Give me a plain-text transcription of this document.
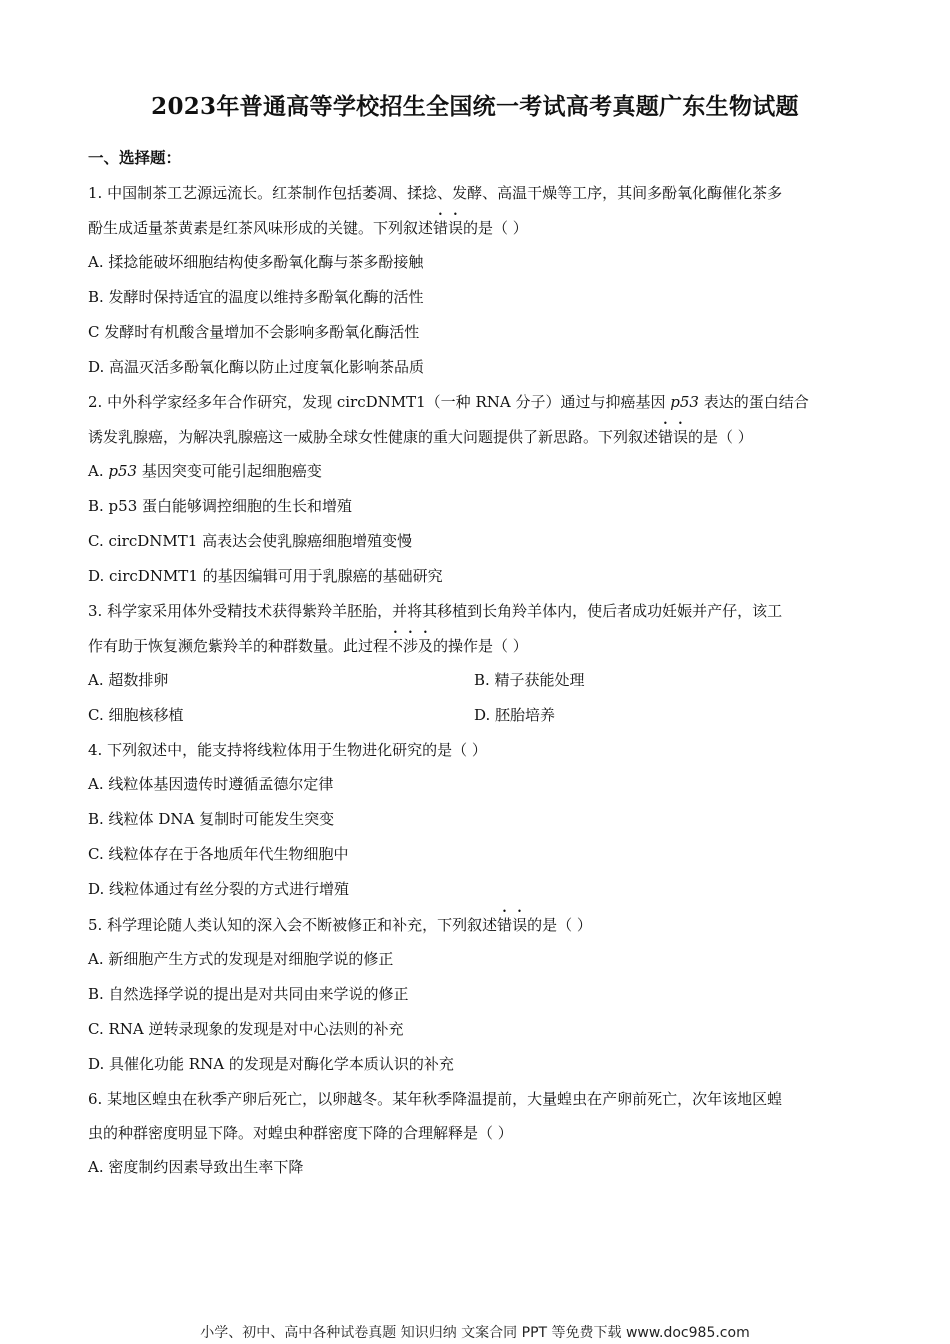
2023年普通高等学校招生全国统一考试高考真题广东生物试题
一、选择题：
1. 中国制茶工艺源远流长。红茶制作包括萎凋、揉捻、发酵、高温干燥等工序，其间多酚氧化酶催化茶多
酚生成适量茶黄素是红茶风味形成的关键。下列叙述错误的是（ ）
A. 揉捻能破坏细胞结构使多酚氧化酶与茶多酚接触
B. 发酵时保持适宜的温度以维持多酚氧化酶的活性
C 发酵时有机酸含量增加不会影响多酚氧化酶活性
D. 高温灭活多酚氧化酶以防止过度氧化影响茶品质
2. 中外科学家经多年合作研究，发现 circDNMT1（一种 RNA 分子）通过与抑癌基因 p53 表达的蛋白结合
诱发乳腺癌，为解决乳腺癌这一威胁全球女性健康的重大问题提供了新思路。下列叙述错误的是（ ）
A. p53 基因突变可能引起细胞癌变
B. p53 蛋白能够调控细胞的生长和增殖
C. circDNMT1 高表达会使乳腺癌细胞增殖变慢
D. circDNMT1 的基因编辑可用于乳腺癌的基础研究
3. 科学家采用体外受精技术获得紫羚羊胚胎，并将其移植到长角羚羊体内，使后者成功妊娠并产仔，该工
作有助于恢复濒危紫羚羊的种群数量。此过程不涉及的操作是（ ）
A. 超数排卵	B. 精子获能处理
C. 细胞核移植	D. 胚胎培养
4. 下列叙述中，能支持将线粒体用于生物进化研究的是（ ）
A. 线粒体基因遗传时遵循孟德尔定律
B. 线粒体 DNA 复制时可能发生突变
C. 线粒体存在于各地质年代生物细胞中
D. 线粒体通过有丝分裂的方式进行增殖
5. 科学理论随人类认知的深入会不断被修正和补充，下列叙述错误的是（ ）
A. 新细胞产生方式的发现是对细胞学说的修正
B. 自然选择学说的提出是对共同由来学说的修正
C. RNA 逆转录现象的发现是对中心法则的补充
D. 具催化功能 RNA 的发现是对酶化学本质认识的补充
6. 某地区蝗虫在秋季产卵后死亡，以卵越冬。某年秋季降温提前，大量蝗虫在产卵前死亡，次年该地区蝗
虫的种群密度明显下降。对蝗虫种群密度下降的合理解释是（ ）
A. 密度制约因素导致出生率下降
小学、初中、高中各种试卷真题 知识归纳 文案合同 PPT 等免费下载 www.doc985.com
